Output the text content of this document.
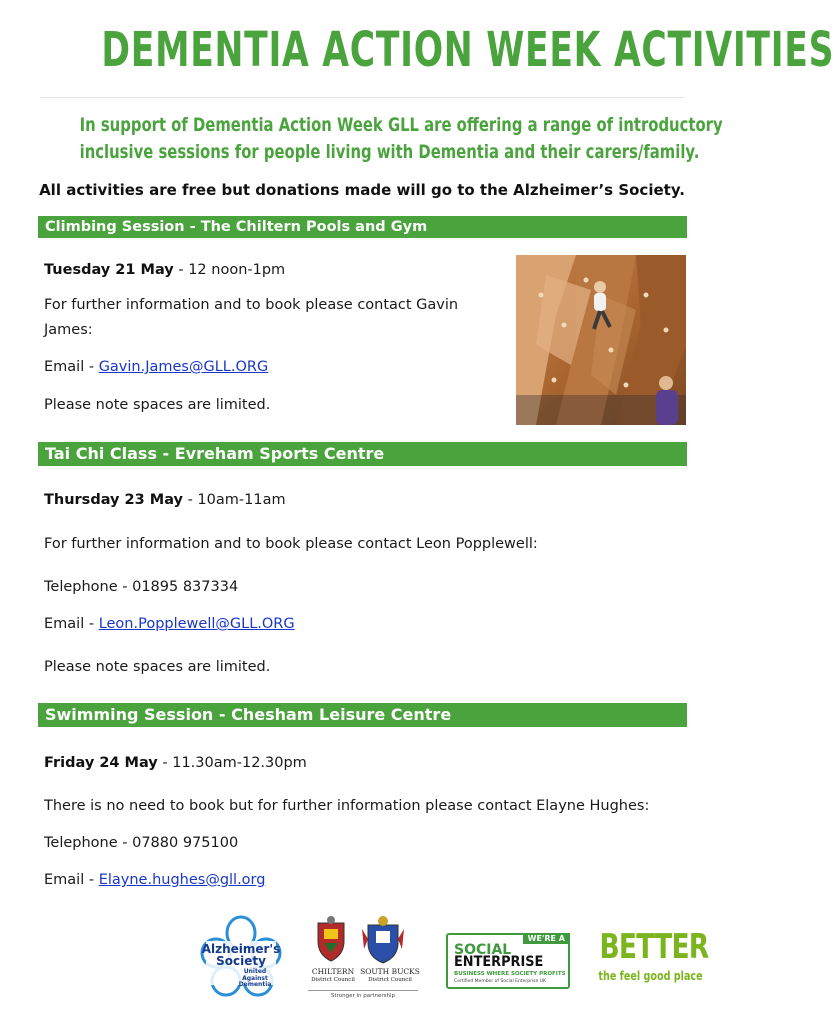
DEMENTIA ACTION WEEK ACTIVITIES
In support of Dementia Action Week GLL are offering a range of introductory
inclusive sessions for people living with Dementia and their carers/family.
All activities are free but donations made will go to the Alzheimer’s Society.
Climbing Session - The Chiltern Pools and Gym
Tuesday 21 May - 12 noon-1pm
For further information and to book please contact Gavin
James:
Email - Gavin.James@GLL.ORG
Please note spaces are limited.
Tai Chi Class - Evreham Sports Centre
Thursday 23 May - 10am-11am
For further information and to book please contact Leon Popplewell:
Telephone - 01895 837334
Email - Leon.Popplewell@GLL.ORG
Please note spaces are limited.
Swimming Session - Chesham Leisure Centre
Friday 24 May - 11.30am-12.30pm
There is no need to book but for further information please contact Elayne Hughes:
Telephone - 07880 975100
Email - Elayne.hughes@gll.org
Alzheimer's
Society
United
Against
Dementia
CHILTERN
District Council
SOUTH BUCKS
District Council
Stronger in partnership
WE'RE A
SOCIAL
ENTERPRISE
BUSINESS WHERE SOCIETY PROFITS
Certified Member of Social Enterprise UK
BETTER
the feel good place
